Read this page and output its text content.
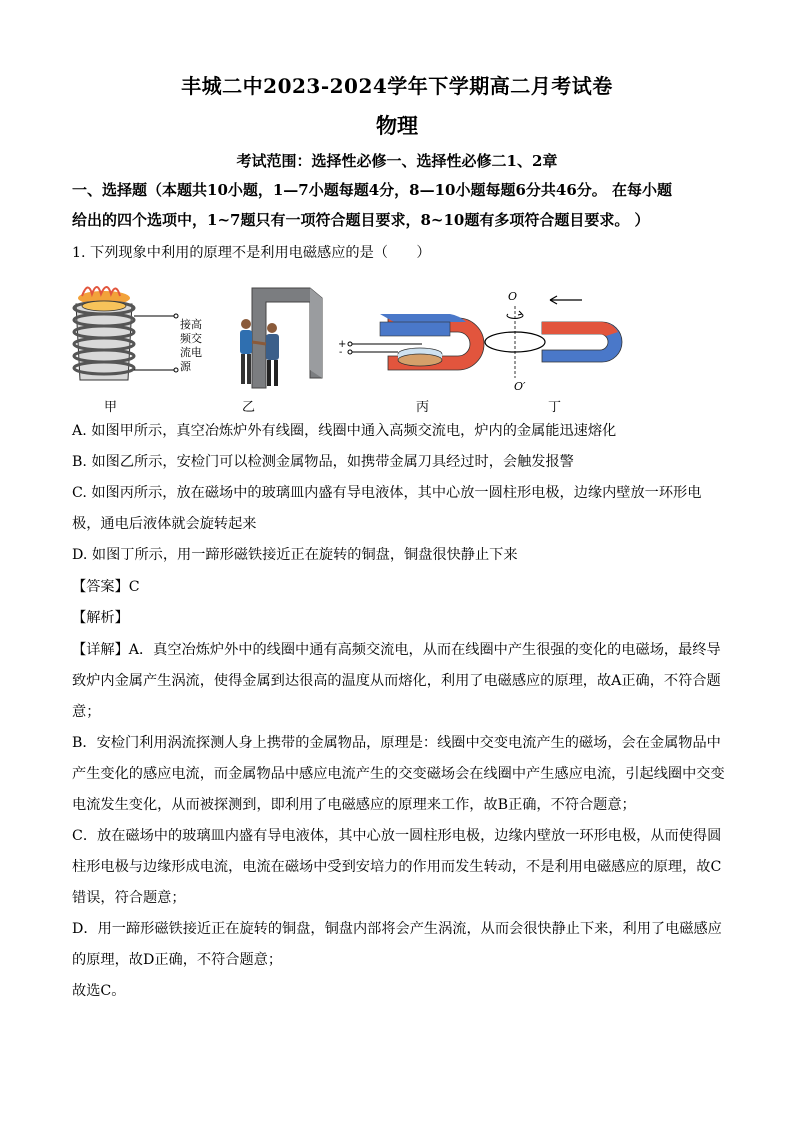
丰城二中2023-2024学年下学期高二月考试卷
物理
考试范围：选择性必修一、选择性必修二1、2章
一、选择题（本题共10小题，1—7小题每题4分，8—10小题每题6分共46分。 在每小题
给出的四个选项中，1~7题只有一项符合题目要求，8~10题有多项符合题目要求。 ）
1. 下列现象中利用的原理不是利用电磁感应的是（　　）
接高
频交
流电
源
+
-
O
O′
甲	乙	丙	丁
A. 如图甲所示，真空冶炼炉外有线圈，线圈中通入高频交流电，炉内的金属能迅速熔化
B. 如图乙所示，安检门可以检测金属物品，如携带金属刀具经过时，会触发报警
C. 如图丙所示，放在磁场中的玻璃皿内盛有导电液体，其中心放一圆柱形电极，边缘内壁放一环形电
极，通电后液体就会旋转起来
D. 如图丁所示，用一蹄形磁铁接近正在旋转的铜盘，铜盘很快静止下来
【答案】C
【解析】
【详解】A．真空冶炼炉外中的线圈中通有高频交流电，从而在线圈中产生很强的变化的电磁场，最终导
致炉内金属产生涡流，使得金属到达很高的温度从而熔化，利用了电磁感应的原理，故A正确，不符合题
意；
B．安检门利用涡流探测人身上携带的金属物品，原理是：线圈中交变电流产生的磁场，会在金属物品中
产生变化的感应电流，而金属物品中感应电流产生的交变磁场会在线圈中产生感应电流，引起线圈中交变
电流发生变化，从而被探测到，即利用了电磁感应的原理来工作，故B正确，不符合题意；
C．放在磁场中的玻璃皿内盛有导电液体，其中心放一圆柱形电极，边缘内壁放一环形电极，从而使得圆
柱形电极与边缘形成电流，电流在磁场中受到安培力的作用而发生转动，不是利用电磁感应的原理，故C
错误，符合题意；
D．用一蹄形磁铁接近正在旋转的铜盘，铜盘内部将会产生涡流，从而会很快静止下来，利用了电磁感应
的原理，故D正确，不符合题意；
故选C。
